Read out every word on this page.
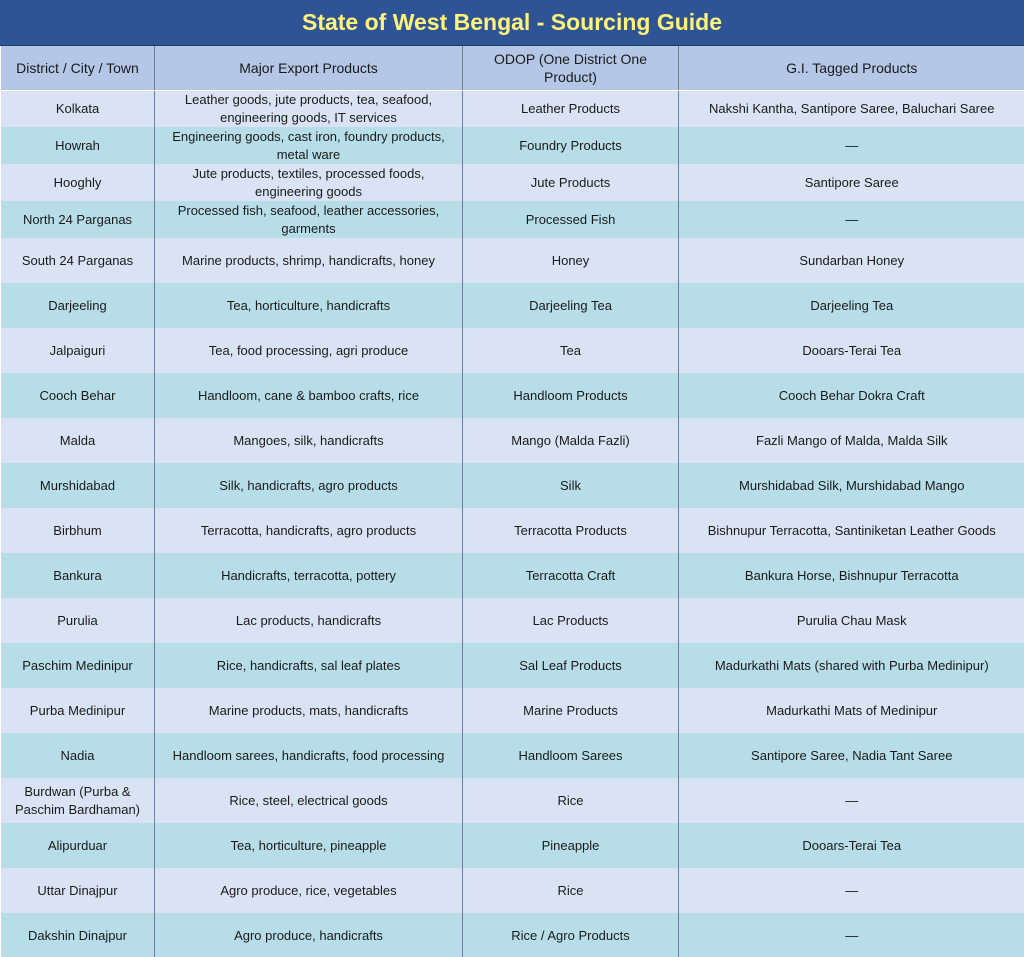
State of West Bengal - Sourcing Guide
District / City / Town	Major Export Products	ODOP (One District One Product)	G.I. Tagged Products
Kolkata	Leather goods, jute products, tea, seafood, engineering goods, IT services	Leather Products	Nakshi Kantha, Santipore Saree, Baluchari Saree
Howrah	Engineering goods, cast iron, foundry products, metal ware	Foundry Products	—
Hooghly	Jute products, textiles, processed foods, engineering goods	Jute Products	Santipore Saree
North 24 Parganas	Processed fish, seafood, leather accessories, garments	Processed Fish	—
South 24 Parganas	Marine products, shrimp, handicrafts, honey	Honey	Sundarban Honey
Darjeeling	Tea, horticulture, handicrafts	Darjeeling Tea	Darjeeling Tea
Jalpaiguri	Tea, food processing, agri produce	Tea	Dooars-Terai Tea
Cooch Behar	Handloom, cane & bamboo crafts, rice	Handloom Products	Cooch Behar Dokra Craft
Malda	Mangoes, silk, handicrafts	Mango (Malda Fazli)	Fazli Mango of Malda, Malda Silk
Murshidabad	Silk, handicrafts, agro products	Silk	Murshidabad Silk, Murshidabad Mango
Birbhum	Terracotta, handicrafts, agro products	Terracotta Products	Bishnupur Terracotta, Santiniketan Leather Goods
Bankura	Handicrafts, terracotta, pottery	Terracotta Craft	Bankura Horse, Bishnupur Terracotta
Purulia	Lac products, handicrafts	Lac Products	Purulia Chau Mask
Paschim Medinipur	Rice, handicrafts, sal leaf plates	Sal Leaf Products	Madurkathi Mats (shared with Purba Medinipur)
Purba Medinipur	Marine products, mats, handicrafts	Marine Products	Madurkathi Mats of Medinipur
Nadia	Handloom sarees, handicrafts, food processing	Handloom Sarees	Santipore Saree, Nadia Tant Saree
Burdwan (Purba & Paschim Bardhaman)	Rice, steel, electrical goods	Rice	—
Alipurduar	Tea, horticulture, pineapple	Pineapple	Dooars-Terai Tea
Uttar Dinajpur	Agro produce, rice, vegetables	Rice	—
Dakshin Dinajpur	Agro produce, handicrafts	Rice / Agro Products	—
